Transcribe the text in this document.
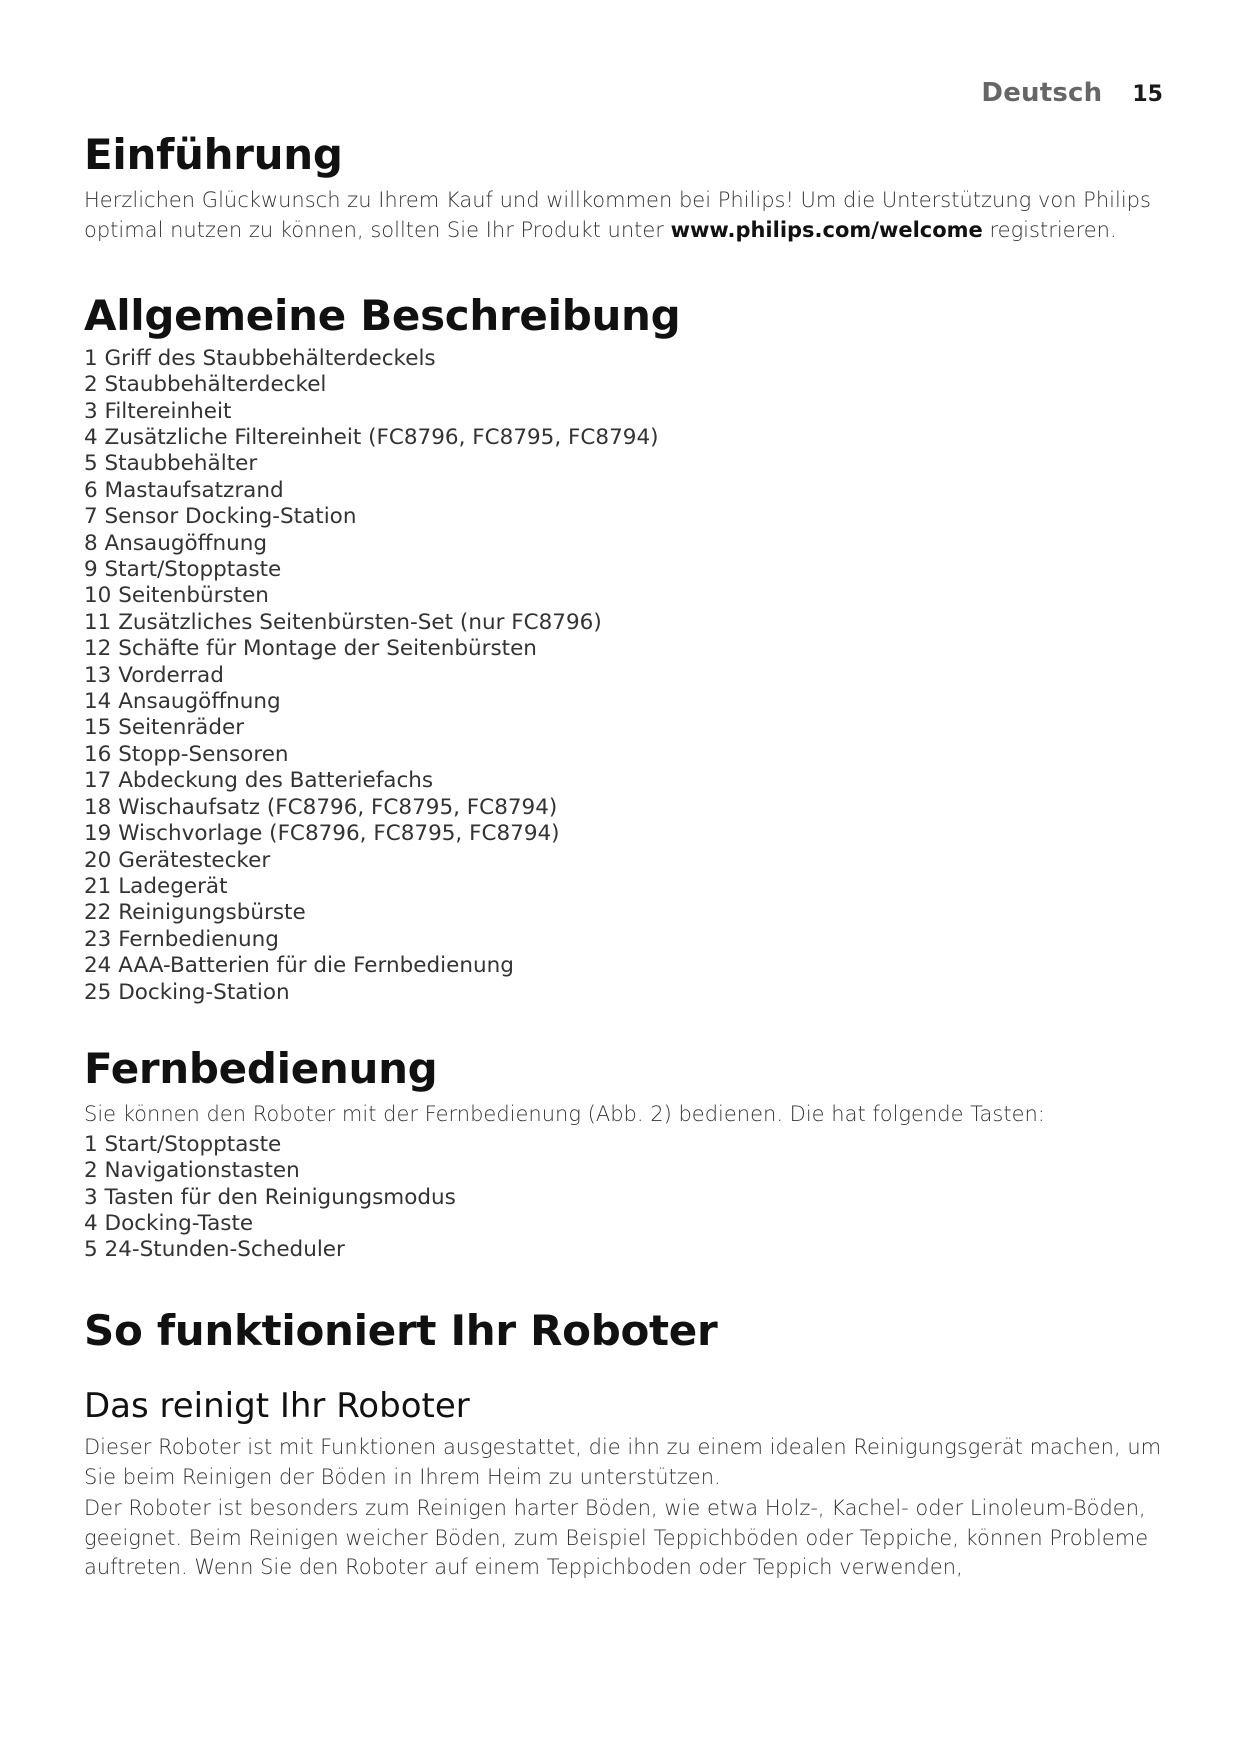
Deutsch 15
Einführung

Herzlichen Glückwunsch zu Ihrem Kauf und willkommen bei Philips! Um die Unterstützung von Philips optimal nutzen zu können, sollten Sie Ihr Produkt unter www.philips.com/welcome registrieren.

Allgemeine Beschreibung
1 Griff des Staubbehälterdeckels
2 Staubbehälterdeckel
3 Filtereinheit
4 Zusätzliche Filtereinheit (FC8796, FC8795, FC8794)
5 Staubbehälter
6 Mastaufsatzrand
7 Sensor Docking-Station
8 Ansaugöffnung
9 Start/Stopptaste
10 Seitenbürsten
11 Zusätzliches Seitenbürsten-Set (nur FC8796)
12 Schäfte für Montage der Seitenbürsten
13 Vorderrad
14 Ansaugöffnung
15 Seitenräder
16 Stopp-Sensoren
17 Abdeckung des Batteriefachs
18 Wischaufsatz (FC8796, FC8795, FC8794)
19 Wischvorlage (FC8796, FC8795, FC8794)
20 Gerätestecker
21 Ladegerät
22 Reinigungsbürste
23 Fernbedienung
24 AAA-Batterien für die Fernbedienung
25 Docking-Station
Fernbedienung

Sie können den Roboter mit der Fernbedienung (Abb. 2) bedienen. Die hat folgende Tasten:

1 Start/Stopptaste
2 Navigationstasten
3 Tasten für den Reinigungsmodus
4 Docking-Taste
5 24-Stunden-Scheduler
So funktioniert Ihr Roboter
Das reinigt Ihr Roboter

Dieser Roboter ist mit Funktionen ausgestattet, die ihn zu einem idealen Reinigungsgerät machen, um Sie beim Reinigen der Böden in Ihrem Heim zu unterstützen.

Der Roboter ist besonders zum Reinigen harter Böden, wie etwa Holz-, Kachel- oder Linoleum-Böden, geeignet. Beim Reinigen weicher Böden, zum Beispiel Teppichböden oder Teppiche, können Probleme auftreten. Wenn Sie den Roboter auf einem Teppichboden oder Teppich verwenden,
